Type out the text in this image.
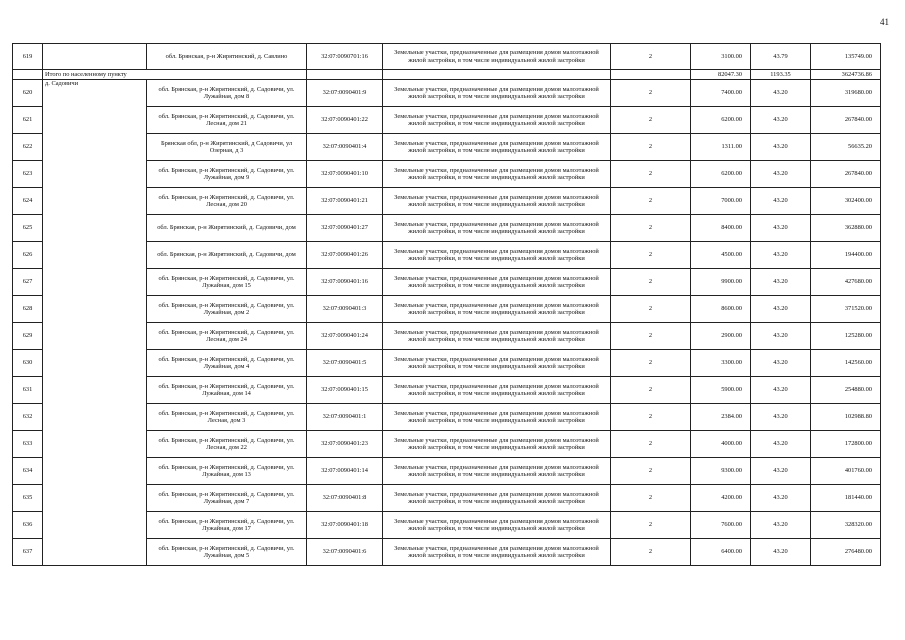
41
619		обл. Брянская, р-н Жирятинский, д. Савлино	32:07:0090701:16	Земельные участки, предназначенные для размещения домов малоэтажной жилой застройки, в том числе индивидуальной жилой застройки	2	3100.00	43.79	135749.00
	Итого по населенному пункту					82047.30	1193.35	3624736.86
620	д. Садовичи	обл. Брянская, р-н Жирятинский, д. Садовичи, ул. Лужайная, дом 8	32:07:0090401:9	Земельные участки, предназначенные для размещения домов малоэтажной жилой застройки, в том числе индивидуальной жилой застройки	2	7400.00	43.20	319680.00
621		обл. Брянская, р-н Жирятинский, д. Садовичи, ул. Лесная, дом 21	32:07:0090401:22	Земельные участки, предназначенные для размещения домов малоэтажной жилой застройки, в том числе индивидуальной жилой застройки	2	6200.00	43.20	267840.00
622		Брянская обл, р-н Жирятинский, д Садовичи, ул Озерная, д 3	32:07:0090401:4	Земельные участки, предназначенные для размещения домов малоэтажной жилой застройки, в том числе индивидуальной жилой застройки	2	1311.00	43.20	56635.20
623		обл. Брянская, р-н Жирятинский, д. Садовичи, ул. Лужайная, дом 9	32:07:0090401:10	Земельные участки, предназначенные для размещения домов малоэтажной жилой застройки, в том числе индивидуальной жилой застройки	2	6200.00	43.20	267840.00
624		обл. Брянская, р-н Жирятинский, д. Садовичи, ул. Лесная, дом 20	32:07:0090401:21	Земельные участки, предназначенные для размещения домов малоэтажной жилой застройки, в том числе индивидуальной жилой застройки	2	7000.00	43.20	302400.00
625		обл. Брянская, р-н Жирятинский, д. Садовичи, дом	32:07:0090401:27	Земельные участки, предназначенные для размещения домов малоэтажной жилой застройки, в том числе индивидуальной жилой застройки	2	8400.00	43.20	362880.00
626		обл. Брянская, р-н Жирятинский, д. Садовичи, дом	32:07:0090401:26	Земельные участки, предназначенные для размещения домов малоэтажной жилой застройки, в том числе индивидуальной жилой застройки	2	4500.00	43.20	194400.00
627		обл. Брянская, р-н Жирятинский, д. Садовичи, ул. Лужайная, дом 15	32:07:0090401:16	Земельные участки, предназначенные для размещения домов малоэтажной жилой застройки, в том числе индивидуальной жилой застройки	2	9900.00	43.20	427680.00
628		обл. Брянская, р-н Жирятинский, д. Садовичи, ул. Лужайная, дом 2	32:07:0090401:3	Земельные участки, предназначенные для размещения домов малоэтажной жилой застройки, в том числе индивидуальной жилой застройки	2	8600.00	43.20	371520.00
629		обл. Брянская, р-н Жирятинский, д. Садовичи, ул. Лесная, дом 24	32:07:0090401:24	Земельные участки, предназначенные для размещения домов малоэтажной жилой застройки, в том числе индивидуальной жилой застройки	2	2900.00	43.20	125280.00
630		обл. Брянская, р-н Жирятинский, д. Садовичи, ул. Лужайная, дом 4	32:07:0090401:5	Земельные участки, предназначенные для размещения домов малоэтажной жилой застройки, в том числе индивидуальной жилой застройки	2	3300.00	43.20	142560.00
631		обл. Брянская, р-н Жирятинский, д. Садовичи, ул. Лужайная, дом 14	32:07:0090401:15	Земельные участки, предназначенные для размещения домов малоэтажной жилой застройки, в том числе индивидуальной жилой застройки	2	5900.00	43.20	254880.00
632		обл. Брянская, р-н Жирятинский, д. Садовичи, ул. Лесная, дом 3	32:07:0090401:1	Земельные участки, предназначенные для размещения домов малоэтажной жилой застройки, в том числе индивидуальной жилой застройки	2	2384.00	43.20	102988.80
633		обл. Брянская, р-н Жирятинский, д. Садовичи, ул. Лесная, дом 22	32:07:0090401:23	Земельные участки, предназначенные для размещения домов малоэтажной жилой застройки, в том числе индивидуальной жилой застройки	2	4000.00	43.20	172800.00
634		обл. Брянская, р-н Жирятинский, д. Садовичи, ул. Лужайная, дом 13	32:07:0090401:14	Земельные участки, предназначенные для размещения домов малоэтажной жилой застройки, в том числе индивидуальной жилой застройки	2	9300.00	43.20	401760.00
635		обл. Брянская, р-н Жирятинский, д. Садовичи, ул. Лужайная, дом 7	32:07:0090401:8	Земельные участки, предназначенные для размещения домов малоэтажной жилой застройки, в том числе индивидуальной жилой застройки	2	4200.00	43.20	181440.00
636		обл. Брянская, р-н Жирятинский, д. Садовичи, ул. Лужайная, дом 17	32:07:0090401:18	Земельные участки, предназначенные для размещения домов малоэтажной жилой застройки, в том числе индивидуальной жилой застройки	2	7600.00	43.20	328320.00
637		обл. Брянская, р-н Жирятинский, д. Садовичи, ул. Лужайная, дом 5	32:07:0090401:6	Земельные участки, предназначенные для размещения домов малоэтажной жилой застройки, в том числе индивидуальной жилой застройки	2	6400.00	43.20	276480.00
